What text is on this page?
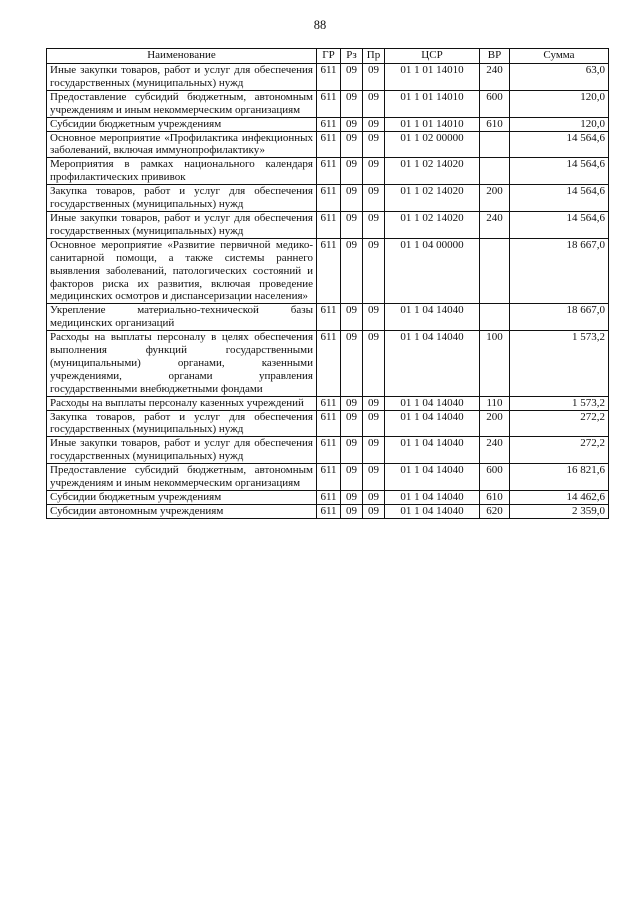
88
Наименование	ГР	Рз	Пр	ЦСР	ВР	Сумма
Иные закупки товаров, работ и услуг для обеспечения государственных (муниципальных) нужд	611	09	09	01 1 01 14010	240	63,0
Предоставление субсидий бюджетным, автономным учреждениям и иным некоммерческим организациям	611	09	09	01 1 01 14010	600	120,0
Субсидии бюджетным учреждениям	611	09	09	01 1 01 14010	610	120,0
Основное мероприятие «Профилактика инфекционных заболеваний, включая иммунопрофилактику»	611	09	09	01 1 02 00000		14 564,6
Мероприятия в рамках национального календаря профилактических прививок	611	09	09	01 1 02 14020		14 564,6
Закупка товаров, работ и услуг для обеспечения государственных (муниципальных) нужд	611	09	09	01 1 02 14020	200	14 564,6
Иные закупки товаров, работ и услуг для обеспечения государственных (муниципальных) нужд	611	09	09	01 1 02 14020	240	14 564,6
Основное мероприятие «Развитие первичной медико-санитарной помощи, а также системы раннего выявления заболеваний, патологических состояний и факторов риска их развития, включая проведение медицинских осмотров и диспансеризации населения»	611	09	09	01 1 04 00000		18 667,0
Укрепление материально-технической базы медицинских организаций	611	09	09	01 1 04 14040		18 667,0
Расходы на выплаты персоналу в целях обеспечения выполнения функций государственными (муниципальными) органами, казенными учреждениями, органами управления государственными внебюджетными фондами	611	09	09	01 1 04 14040	100	1 573,2
Расходы на выплаты персоналу казенных учреждений	611	09	09	01 1 04 14040	110	1 573,2
Закупка товаров, работ и услуг для обеспечения государственных (муниципальных) нужд	611	09	09	01 1 04 14040	200	272,2
Иные закупки товаров, работ и услуг для обеспечения государственных (муниципальных) нужд	611	09	09	01 1 04 14040	240	272,2
Предоставление субсидий бюджетным, автономным учреждениям и иным некоммерческим организациям	611	09	09	01 1 04 14040	600	16 821,6
Субсидии бюджетным учреждениям	611	09	09	01 1 04 14040	610	14 462,6
Субсидии автономным учреждениям	611	09	09	01 1 04 14040	620	2 359,0
